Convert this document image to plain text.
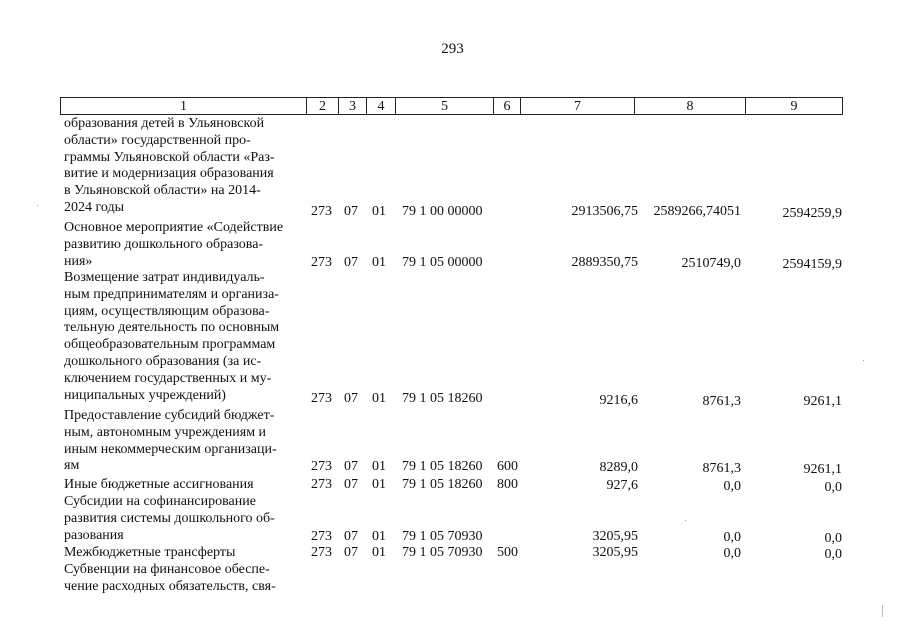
293
1	2	3	4	5	6	7	8	9
образования детей в Ульяновской
области» государственной про-
граммы Ульяновской области «Раз-
витие и модернизация образования
в Ульяновской области» на 2014-
2024 годы	273 07 01 79 1 00 00000	2913506,75 2589266,74051	2594259,9
Основное мероприятие «Содействие
развитию дошкольного образова-
ния»	273 07 01 79 1 05 00000	2889350,75	2510749,0	2594159,9
Возмещение затрат индивидуаль-
ным предпринимателям и организа-
циям, осуществляющим образова-
тельную деятельность по основным
общеобразовательным программам
дошкольного образования (за ис-
ключением государственных и му-
ниципальных учреждений)	273 07 01 79 1 05 18260	9216,6	8761,3	9261,1
Предоставление субсидий бюджет-
ным, автономным учреждениям и
иным некоммерческим организаци-
ям	273 07 01 79 1 05 18260 600	8289,0	8761,3	9261,1
Иные бюджетные ассигнования	273 07 01 79 1 05 18260 800	927,6	0,0	0,0
Субсидии на софинансирование
развития системы дошкольного об-
разования	273 07 01 79 1 05 70930	3205,95	0,0	0,0
Межбюджетные трансферты	273 07 01 79 1 05 70930 500	3205,95	0,0	0,0
Субвенции на финансовое обеспе-
чение расходных обязательств, свя-
